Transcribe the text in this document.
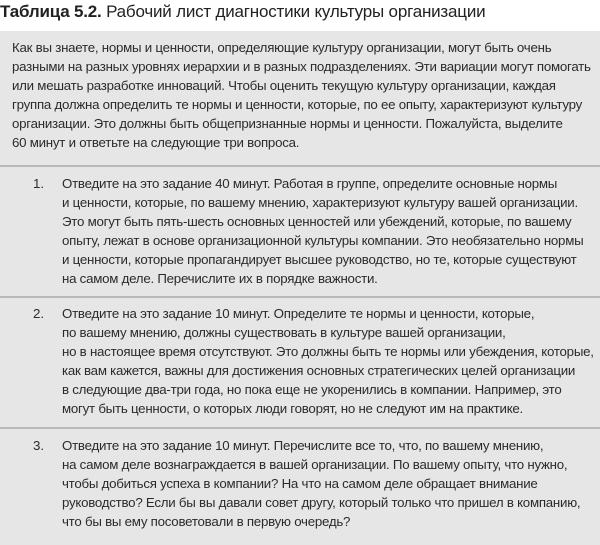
Таблица 5.2. Рабочий лист диагностики культуры организации
Как вы знаете, нормы и ценности, определяющие культуру организации, могут быть очень
разными на разных уровнях иерархии и в разных подразделениях. Эти вариации могут помогать
или мешать разработке инноваций. Чтобы оценить текущую культуру организации, каждая
группа должна определить те нормы и ценности, которые, по ее опыту, характеризуют культуру
организации. Это должны быть общепризнанные нормы и ценности. Пожалуйста, выделите
60 минут и ответьте на следующие три вопроса.
1. Отведите на это задание 40 минут. Работая в группе, определите основные нормы
и ценности, которые, по вашему мнению, характеризуют культуру вашей организации.
Это могут быть пять-шесть основных ценностей или убеждений, которые, по вашему
опыту, лежат в основе организационной культуры компании. Это необязательно нормы
и ценности, которые пропагандирует высшее руководство, но те, которые существуют
на самом деле. Перечислите их в порядке важности.
2. Отведите на это задание 10 минут. Определите те нормы и ценности, которые,
по вашему мнению, должны существовать в культуре вашей организации,
но в настоящее время отсутствуют. Это должны быть те нормы или убеждения, которые,
как вам кажется, важны для достижения основных стратегических целей организации
в следующие два-три года, но пока еще не укоренились в компании. Например, это
могут быть ценности, о которых люди говорят, но не следуют им на практике.
3. Отведите на это задание 10 минут. Перечислите все то, что, по вашему мнению,
на самом деле вознаграждается в вашей организации. По вашему опыту, что нужно,
чтобы добиться успеха в компании? На что на самом деле обращает внимание
руководство? Если бы вы давали совет другу, который только что пришел в компанию,
что бы вы ему посоветовали в первую очередь?
